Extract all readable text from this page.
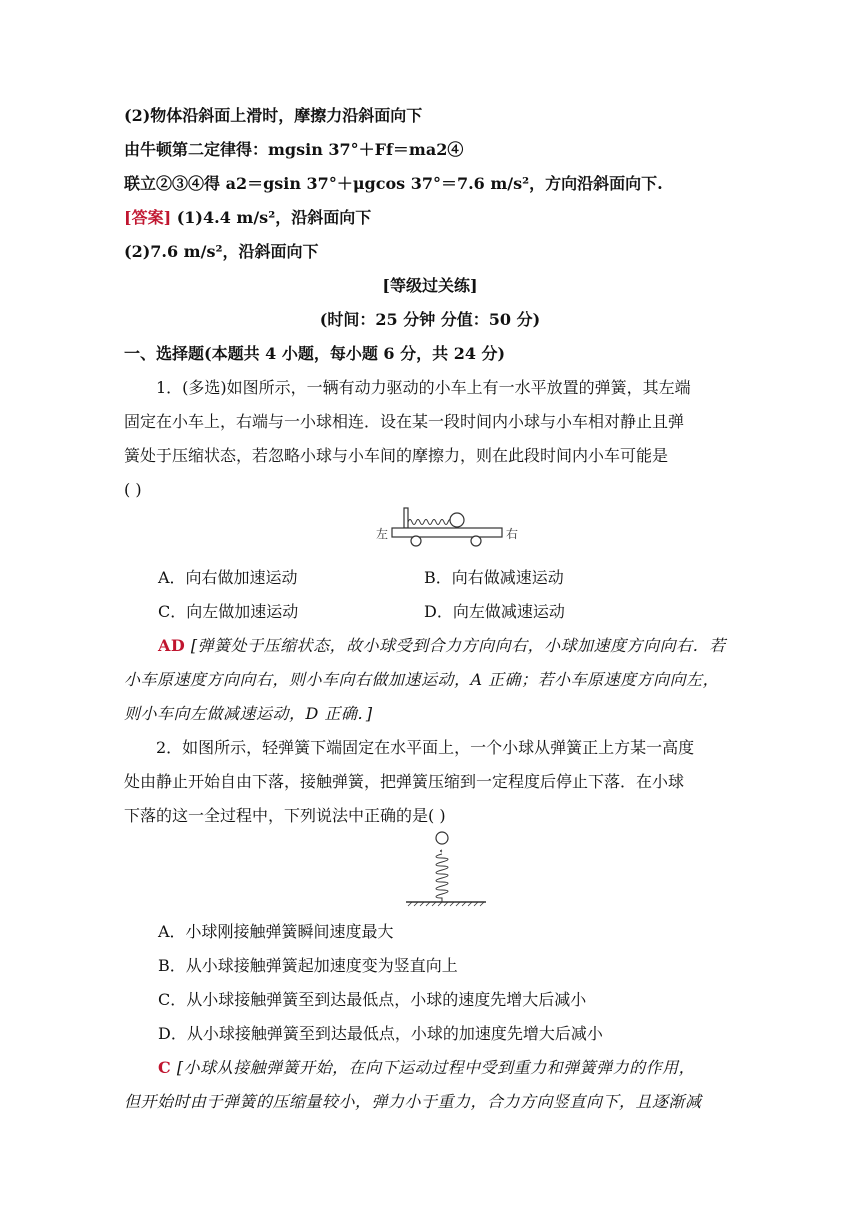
(2)物体沿斜面上滑时，摩擦力沿斜面向下
由牛顿第二定律得：mgsin 37°＋Ff＝ma2④
联立②③④得 a2＝gsin 37°＋μgcos 37°＝7.6 m/s²，方向沿斜面向下.
[答案] (1)4.4 m/s²，沿斜面向下
(2)7.6 m/s²，沿斜面向下
[等级过关练]
(时间：25 分钟 分值：50 分)
一、选择题(本题共 4 小题，每小题 6 分，共 24 分)
1．(多选)如图所示，一辆有动力驱动的小车上有一水平放置的弹簧，其左端
固定在小车上，右端与一小球相连．设在某一段时间内小球与小车相对静止且弹
簧处于压缩状态，若忽略小球与小车间的摩擦力，则在此段时间内小车可能是
( )
左	右
A．向右做加速运动	B．向右做减速运动
C．向左做加速运动	D．向左做减速运动
AD [弹簧处于压缩状态，故小球受到合力方向向右，小球加速度方向向右．若
小车原速度方向向右，则小车向右做加速运动，A 正确；若小车原速度方向向左，
则小车向左做减速运动，D 正确．]
2．如图所示，轻弹簧下端固定在水平面上，一个小球从弹簧正上方某一高度
处由静止开始自由下落，接触弹簧，把弹簧压缩到一定程度后停止下落．在小球
下落的这一全过程中，下列说法中正确的是( )
A．小球刚接触弹簧瞬间速度最大
B．从小球接触弹簧起加速度变为竖直向上
C．从小球接触弹簧至到达最低点，小球的速度先增大后减小
D．从小球接触弹簧至到达最低点，小球的加速度先增大后减小
C [小球从接触弹簧开始，在向下运动过程中受到重力和弹簧弹力的作用，
但开始时由于弹簧的压缩量较小，弹力小于重力，合力方向竖直向下，且逐渐减
